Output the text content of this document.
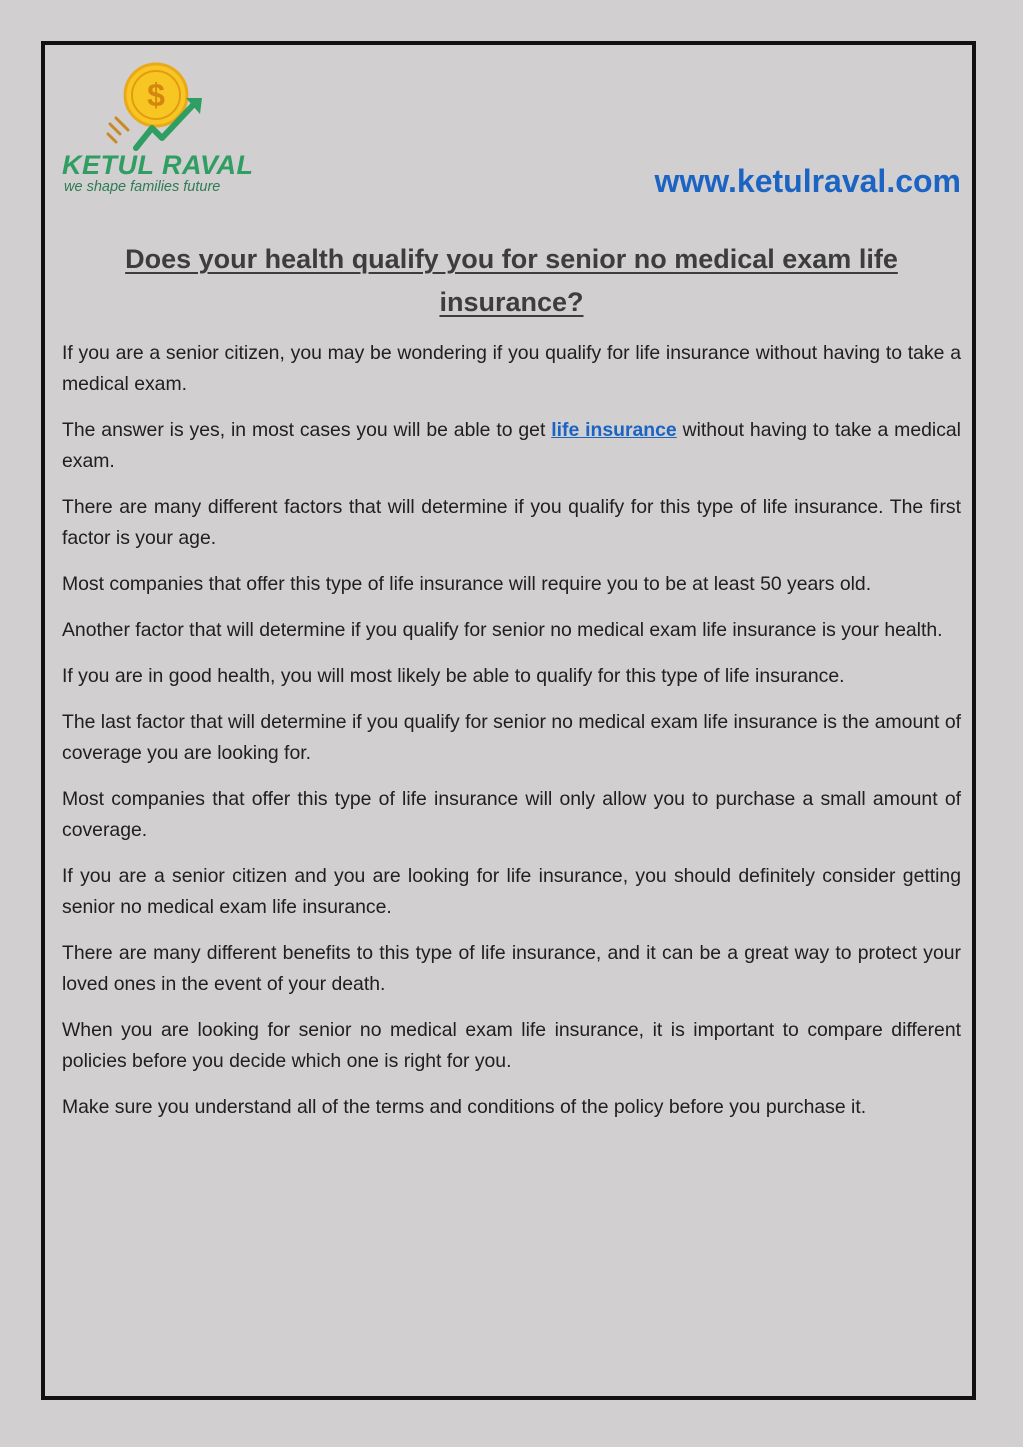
$
KETUL RAVAL
we shape families future	www.ketulraval.com
Does your health qualify you for senior no medical exam life insurance?

If you are a senior citizen, you may be wondering if you qualify for life insurance without having to take a medical exam.

The answer is yes, in most cases you will be able to get life insurance without having to take a medical exam.

There are many different factors that will determine if you qualify for this type of life insurance. The first factor is your age.

Most companies that offer this type of life insurance will require you to be at least 50 years old.

Another factor that will determine if you qualify for senior no medical exam life insurance is your health.

If you are in good health, you will most likely be able to qualify for this type of life insurance.

The last factor that will determine if you qualify for senior no medical exam life insurance is the amount of coverage you are looking for.

Most companies that offer this type of life insurance will only allow you to purchase a small amount of coverage.

If you are a senior citizen and you are looking for life insurance, you should definitely consider getting senior no medical exam life insurance.

There are many different benefits to this type of life insurance, and it can be a great way to protect your loved ones in the event of your death.

When you are looking for senior no medical exam life insurance, it is important to compare different policies before you decide which one is right for you.

Make sure you understand all of the terms and conditions of the policy before you purchase it.
